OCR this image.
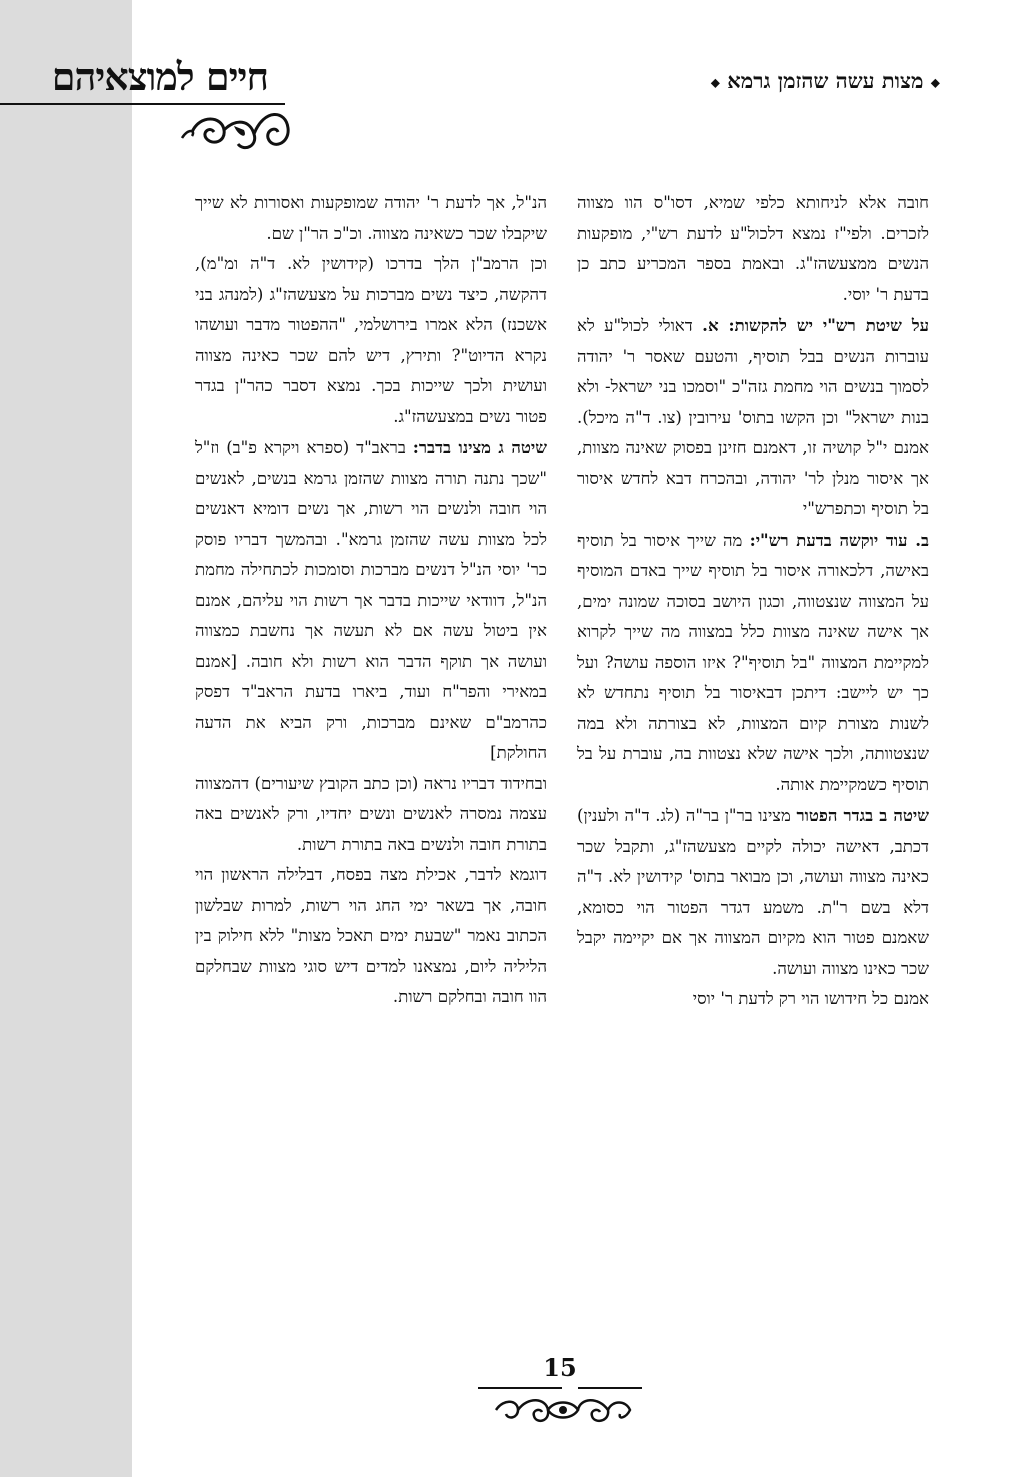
חיים למוצאיהם	◆ מצות עשה שהזמן גרמא ◆

חובה אלא לניחותא כלפי שמיא, דסו"ס הוו מצווה לזכרים. ולפי"ז נמצא דלכול"ע לדעת רש"י, מופקעות הנשים ממצעשהז"ג. ובאמת בספר המכריע כתב כן בדעת ר' יוסי.

על שיטת רש"י יש להקשות: א. דאולי לכול"ע לא עוברות הנשים בבל תוסיף, והטעם שאסר ר' יהודה לסמוך בנשים הוי מחמת גזה"כ "וסמכו בני ישראל- ולא בנות ישראל" וכן הקשו בתוס' עירובין (צו. ד"ה מיכל). אמנם י"ל קושיה זו, דאמנם חזינן בפסוק שאינה מצוות, אך איסור מנלן לר' יהודה, ובהכרח דבא לחדש איסור בל תוסיף וכתפרש"י

ב. עוד יוקשה בדעת רש"י: מה שייך איסור בל תוסיף באישה, דלכאורה איסור בל תוסיף שייך באדם המוסיף על המצווה שנצטווה, וכגון היושב בסוכה שמונה ימים, אך אישה שאינה מצוות כלל במצווה מה שייך לקרוא למקיימת המצווה "בל תוסיף"? איזו הוספה עושה? ועל כך יש ליישב: דיתכן דבאיסור בל תוסיף נתחדש לא לשנות מצורת קיום המצוות, לא בצורתה ולא במה שנצטוותה, ולכך אישה שלא נצטוות בה, עוברת על בל תוסיף כשמקיימת אותה.

שיטה ב בגדר הפטור מצינו בר"ן בר"ה (לג. ד"ה ולענין) דכתב, דאישה יכולה לקיים מצעשהז"ג, ותקבל שכר כאינה מצווה ועושה, וכן מבואר בתוס' קידושין לא. ד"ה דלא בשם ר"ת. משמע דגדר הפטור הוי כסומא, שאמנם פטור הוא מקיום המצווה אך אם יקיימה יקבל שכר כאינו מצווה ועושה.

אמנם כל חידושו הוי רק לדעת ר' יוסי

הנ"ל, אך לדעת ר' יהודה שמופקעות ואסורות לא שייך שיקבלו שכר כשאינה מצווה. וכ"כ הר"ן שם.

וכן הרמב"ן הלך בדרכו (קידושין לא. ד"ה ומ"מ), דהקשה, כיצד נשים מברכות על מצעשהז"ג (למנהג בני אשכנז) הלא אמרו בירושלמי, "ההפטור מדבר ועושהו נקרא הדיוט"? ותירץ, דיש להם שכר כאינה מצווה ועושית ולכך שייכות בכך. נמצא דסבר כהר"ן בגדר פטור נשים במצעשהז"ג.

שיטה ג מצינו בדבר: בראב"ד (ספרא ויקרא פ"ב) וז"ל "שכך נתנה תורה מצוות שהזמן גרמא בנשים, לאנשים הוי חובה ולנשים הוי רשות, אך נשים דומיא דאנשים לכל מצוות עשה שהזמן גרמא". ובהמשך דבריו פוסק כר' יוסי הנ"ל דנשים מברכות וסומכות לכתחילה מחמת הנ"ל, דוודאי שייכות בדבר אך רשות הוי עליהם, אמנם אין ביטול עשה אם לא תעשה אך נחשבת כמצווה ועושה אך תוקף הדבר הוא רשות ולא חובה. [אמנם במאירי והפר"ח ועוד, ביארו בדעת הראב"ד דפסק כהרמב"ם שאינם מברכות, ורק הביא את הדעה החולקת]

ובחידוד דבריו נראה (וכן כתב הקובץ שיעורים) דהמצווה עצמה נמסרה לאנשים ונשים יחדיו, ורק לאנשים באה בתורת חובה ולנשים באה בתורת רשות.

דוגמא לדבר, אכילת מצה בפסח, דבלילה הראשון הוי חובה, אך בשאר ימי החג הוי רשות, למרות שבלשון הכתוב נאמר "שבעת ימים תאכל מצות" ללא חילוק בין הליליה ליום, נמצאנו למדים דיש סוגי מצוות שבחלקם הוו חובה ובחלקם רשות.

15
